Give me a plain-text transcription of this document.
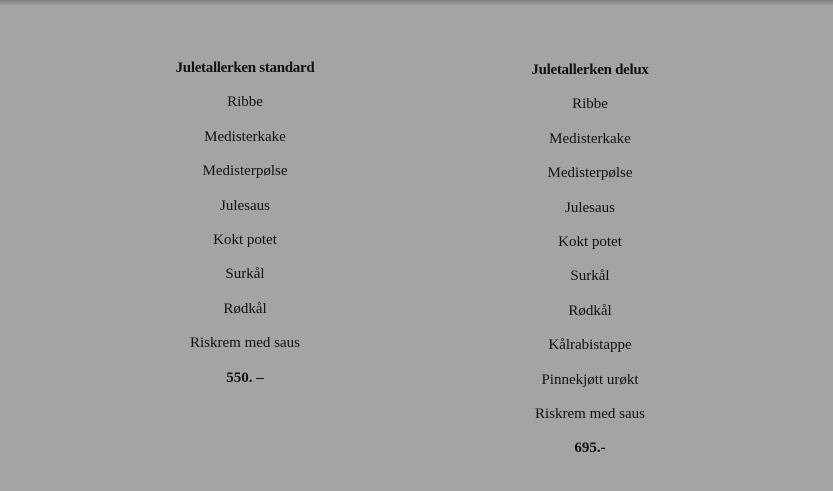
Juletallerken standard
Ribbe
Medisterkake
Medisterpølse
Julesaus
Kokt potet
Surkål
Rødkål
Riskrem med saus
550. –
Juletallerken delux
Ribbe
Medisterkake
Medisterpølse
Julesaus
Kokt potet
Surkål
Rødkål
Kålrabistappe
Pinnekjøtt urøkt
Riskrem med saus
695.-
